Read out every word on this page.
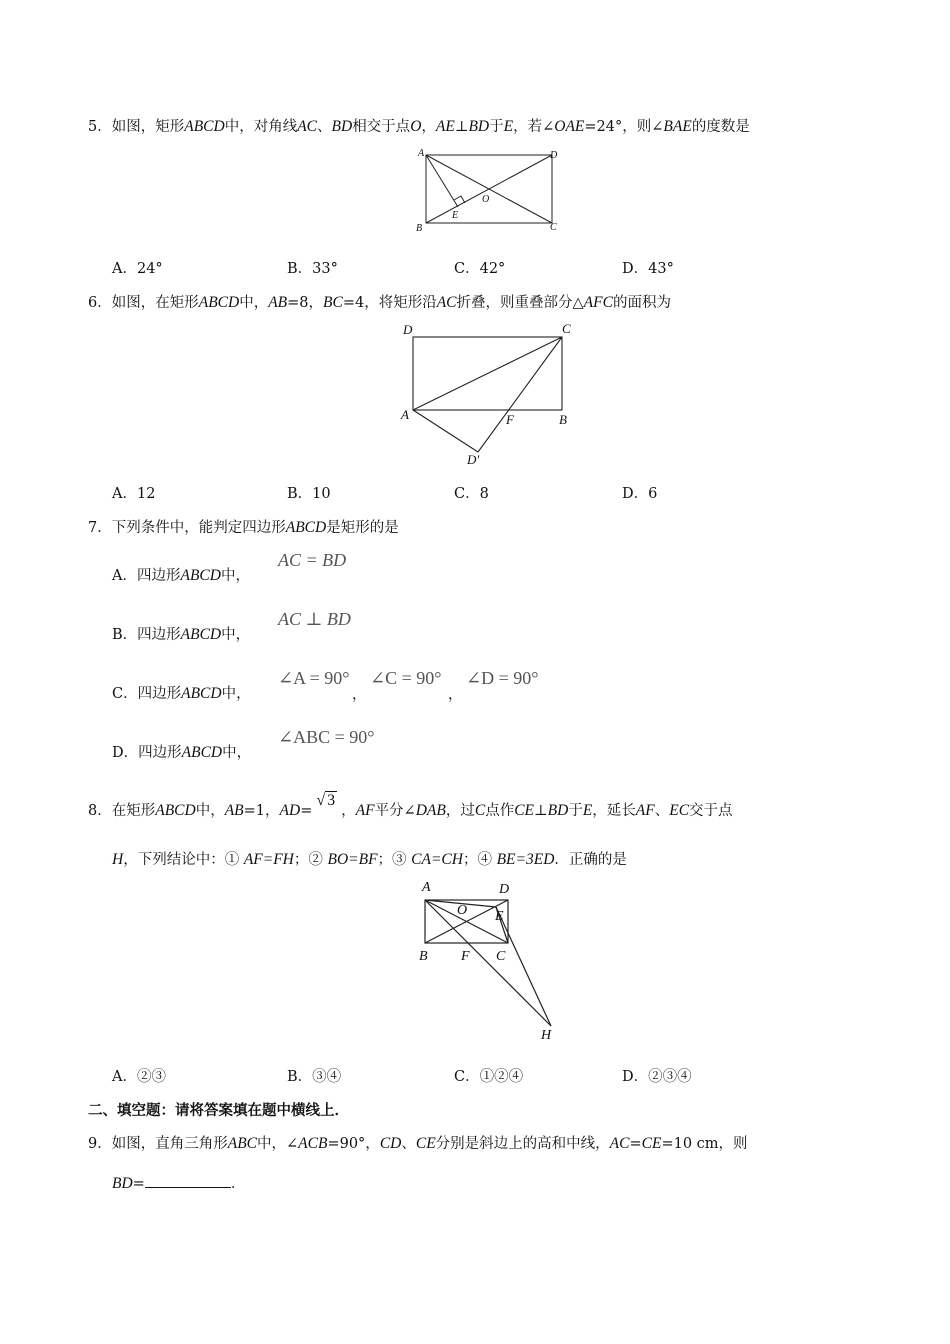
5．如图，矩形ABCD中，对角线AC、BD相交于点O，AE⊥BD于E，若∠OAE=24°，则∠BAE的度数是
A
B	C
D
O
E
A．24°	B．33°	C．42°	D．43°
6．如图，在矩形ABCD中，AB=8，BC=4，将矩形沿AC折叠，则重叠部分△AFC的面积为
D	C
A	B
F
D′
A．12	B．10	C．8	D．6
7．下列条件中，能判定四边形ABCD是矩形的是
A．四边形ABCD中，
AC = BD
B．四边形ABCD中，
AC ⊥ BD
C．四边形ABCD中，
∠A = 90°
，
∠C = 90°
，
∠D = 90°
D．四边形ABCD中，
∠ABC = 90°
8．在矩形ABCD中，AB=1，AD=√ 3，AF平分∠DAB，过C点作CE⊥BD于E，延长AF、EC交于点
H，下列结论中：① AF=FH；② BO=BF；③ CA=CH；④ BE=3ED．正确的是
A	D
O E
B F C
H
A．②③	B．③④	C．①②④	D．②③④
二、填空题：请将答案填在题中横线上．
9．如图，直角三角形ABC中，∠ACB=90°，CD、CE分别是斜边上的高和中线，AC=CE=10 cm，则
BD=	．
